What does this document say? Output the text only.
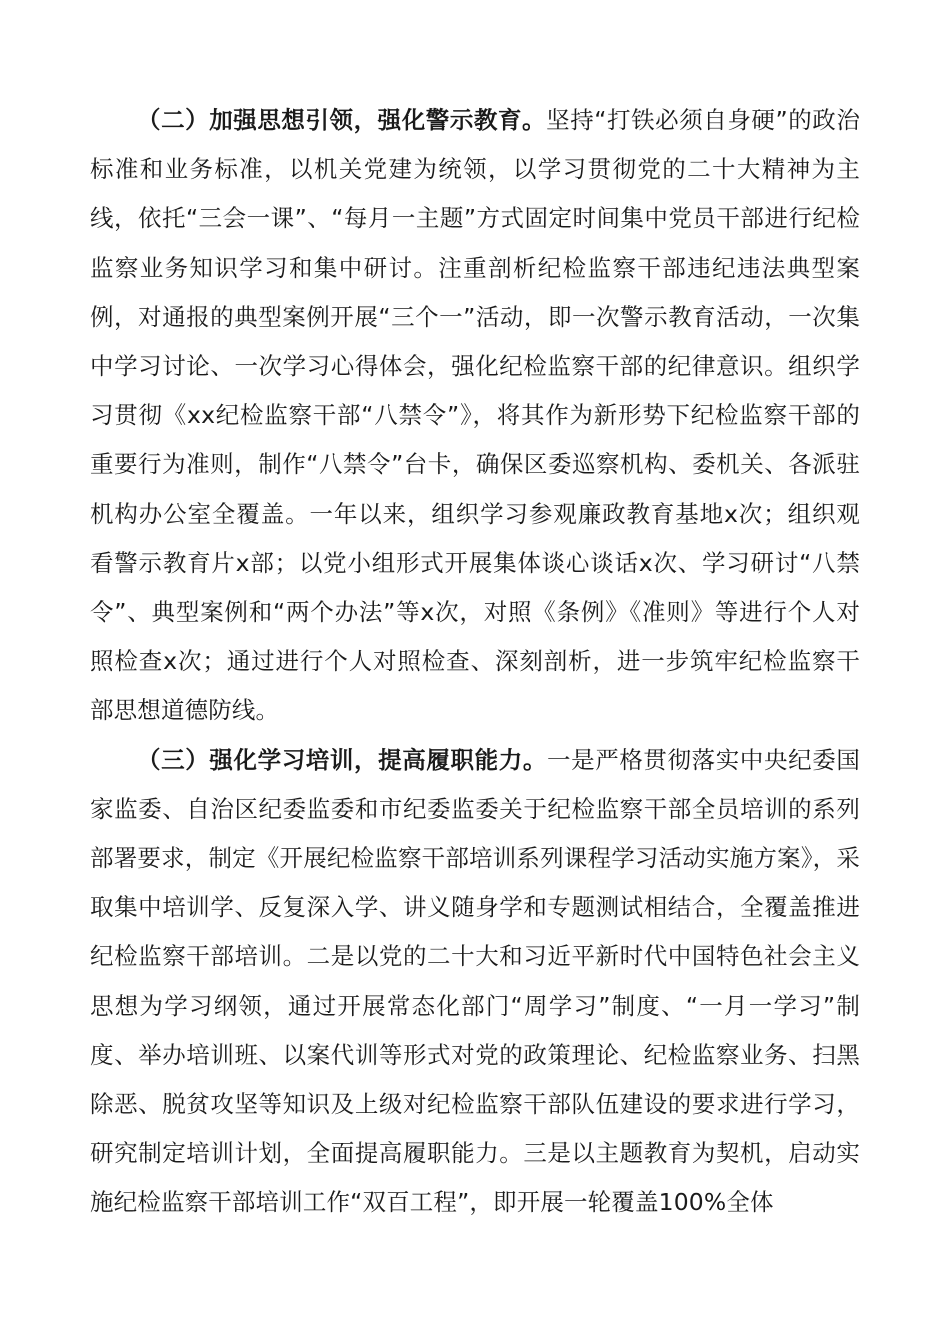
（二）加强思想引领，强化警示教育。坚持“打铁必须自身硬”的政治标准和业务标准，以机关党建为统领，以学习贯彻党的二十大精神为主线，依托“三会一课”、“每月一主题”方式固定时间集中党员干部进行纪检监察业务知识学习和集中研讨。注重剖析纪检监察干部违纪违法典型案例，对通报的典型案例开展“三个一”活动，即一次警示教育活动，一次集中学习讨论、一次学习心得体会，强化纪检监察干部的纪律意识。组织学习贯彻《xx纪检监察干部“八禁令”》，将其作为新形势下纪检监察干部的重要行为准则，制作“八禁令”台卡，确保区委巡察机构、委机关、各派驻机构办公室全覆盖。一年以来，组织学习参观廉政教育基地x次；组织观看警示教育片x部；以党小组形式开展集体谈心谈话x次、学习研讨“八禁令”、典型案例和“两个办法”等x次，对照《条例》《准则》等进行个人对照检查x次；通过进行个人对照检查、深刻剖析，进一步筑牢纪检监察干部思想道德防线。

（三）强化学习培训，提高履职能力。一是严格贯彻落实中央纪委国家监委、自治区纪委监委和市纪委监委关于纪检监察干部全员培训的系列部署要求，制定《开展纪检监察干部培训系列课程学习活动实施方案》，采取集中培训学、反复深入学、讲义随身学和专题测试相结合，全覆盖推进纪检监察干部培训。二是以党的二十大和习近平新时代中国特色社会主义思想为学习纲领，通过开展常态化部门“周学习”制度、“一月一学习”制度、举办培训班、以案代训等形式对党的政策理论、纪检监察业务、扫黑除恶、脱贫攻坚等知识及上级对纪检监察干部队伍建设的要求进行学习，研究制定培训计划，全面提高履职能力。三是以主题教育为契机，启动实施纪检监察干部培训工作“双百工程”，即开展一轮覆盖100%全体
